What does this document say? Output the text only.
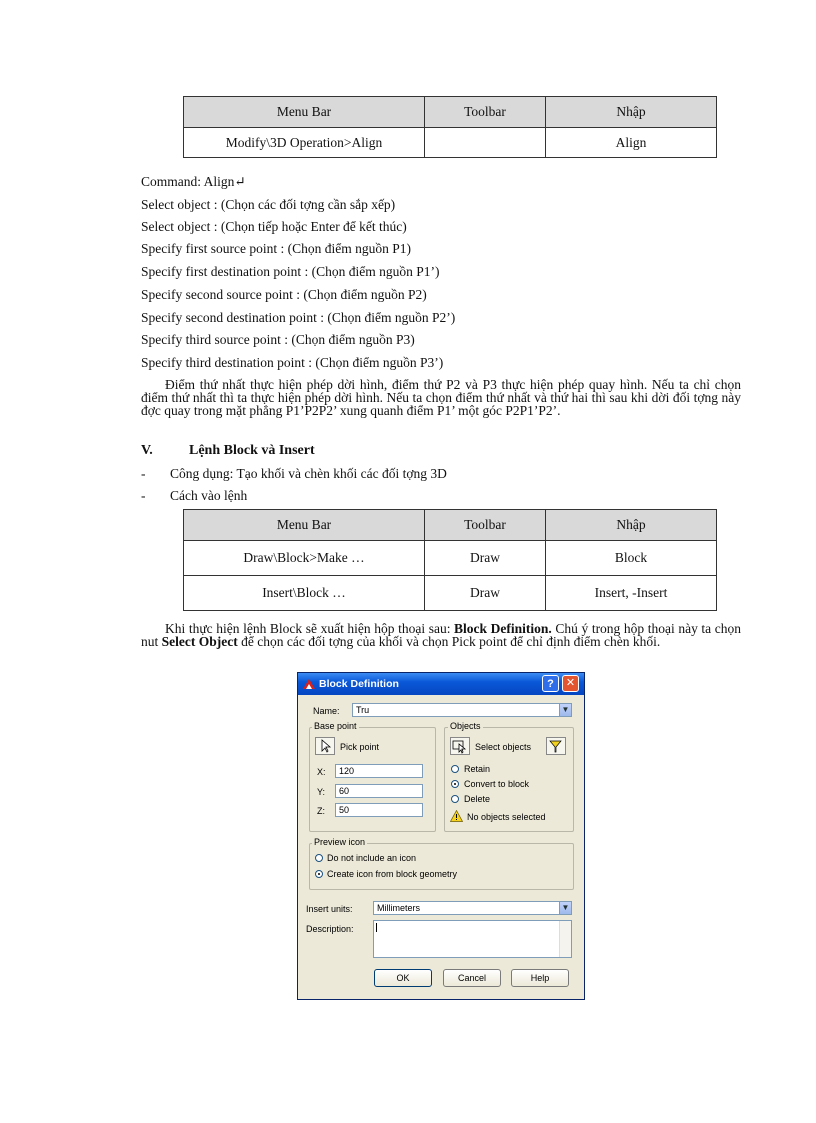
Menu Bar	Toolbar	Nhập
Modify\3D Operation>Align		Align
Command: Align↵
Select object : (Chọn các đối tợng cần sắp xếp)
Select object : (Chọn tiếp hoặc Enter để kết thúc)
Specify first source point : (Chọn điểm nguồn P1)
Specify first destination point : (Chọn điểm nguồn P1’)
Specify second source point : (Chọn điểm nguồn P2)
Specify second destination point : (Chọn điểm nguồn P2’)
Specify third source point : (Chọn điểm nguồn P3)
Specify third destination point : (Chọn điểm nguồn P3’)
Điểm thứ nhất thực hiện phép dời hình, điểm thứ P2 và P3 thực hiện phép quay hình. Nếu ta chỉ chọn điểm thứ nhất thì ta thực hiện phép dời hình. Nếu ta chọn điểm thứ nhất và thứ hai thì sau khi dời đối tợng này đợc quay trong mặt phẳng P1’P2P2’ xung quanh điểm P1’ một góc P2P1’P2’.
V.	Lệnh Block và Insert
- Công dụng: Tạo khối và chèn khối các đối tợng 3D
- Cách vào lệnh
Menu Bar	Toolbar	Nhập
Draw\Block>Make …	Draw	Block
Insert\Block …	Draw	Insert, -Insert
Khi thực hiện lệnh Block sẽ xuất hiện hộp thoại sau: Block Definition. Chú ý trong hộp thoại này ta chọn nut Select Object để chọn các đối tợng của khối và chọn Pick point để chỉ định điểm chèn khối.
Block Definition	?	✕
Name:	Tru	▼
Base point
Pick point
X:	120
Y:	60
Z:	50
Objects
Select objects
Retain
Convert to block
Delete
No objects selected
Preview icon
Do not include an icon
Create icon from block geometry
Insert units:	Millimeters	▼
Description:
OK	Cancel	Help
